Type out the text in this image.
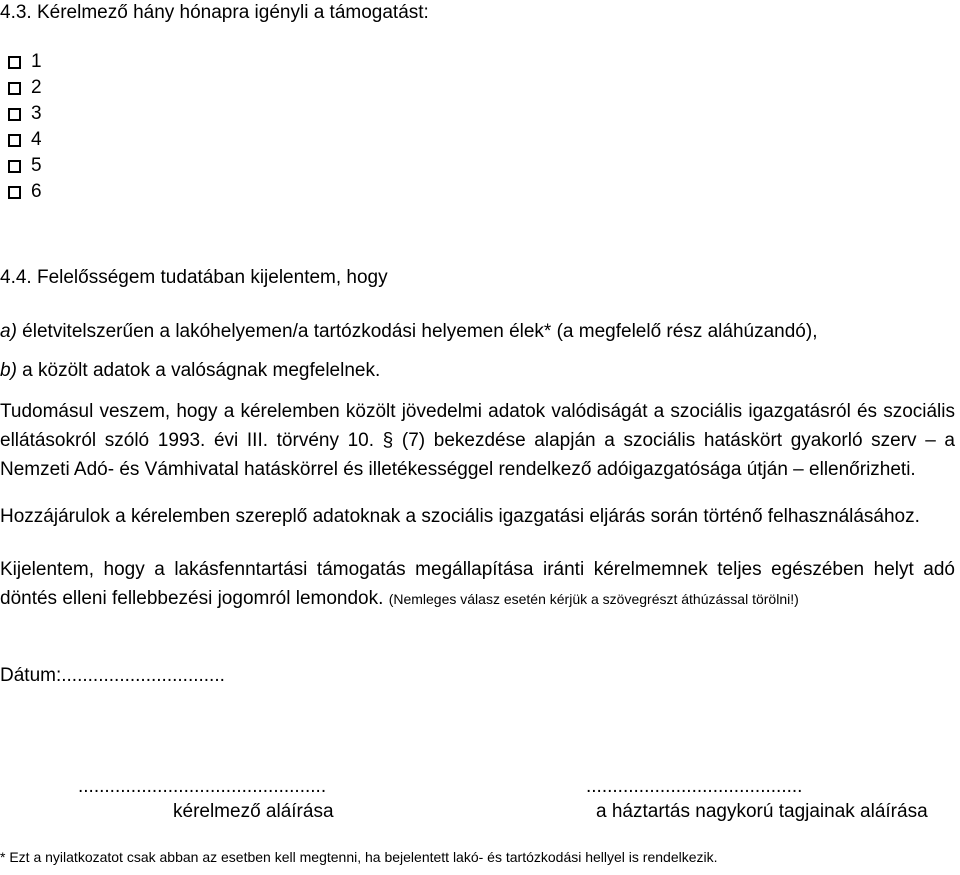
4.3. Kérelmező hány hónapra igényli a támogatást:
1
2
3
4
5
6
4.4. Felelősségem tudatában kijelentem, hogy
a) életvitelszerűen a lakóhelyemen/a tartózkodási helyemen élek* (a megfelelő rész aláhúzandó),
b) a közölt adatok a valóságnak megfelelnek.
Tudomásul veszem, hogy a kérelemben közölt jövedelmi adatok valódiságát a szociális igazgatásról és szociális
ellátásokról szóló 1993. évi III. törvény 10. § (7) bekezdése alapján a szociális hatáskört gyakorló szerv – a
Nemzeti Adó- és Vámhivatal hatáskörrel és illetékességgel rendelkező adóigazgatósága útján – ellenőrizheti.
Hozzájárulok a kérelemben szereplő adatoknak a szociális igazgatási eljárás során történő felhasználásához.
Kijelentem, hogy a lakásfenntartási támogatás megállapítása iránti kérelmemnek teljes egészében helyt adó
döntés elleni fellebbezési jogomról lemondok. (Nemleges válasz esetén kérjük a szövegrészt áthúzással törölni!)
Dátum:...............................
...............................................
kérelmező aláírása
.........................................
a háztartás nagykorú tagjainak aláírása
* Ezt a nyilatkozatot csak abban az esetben kell megtenni, ha bejelentett lakó- és tartózkodási hellyel is rendelkezik.
